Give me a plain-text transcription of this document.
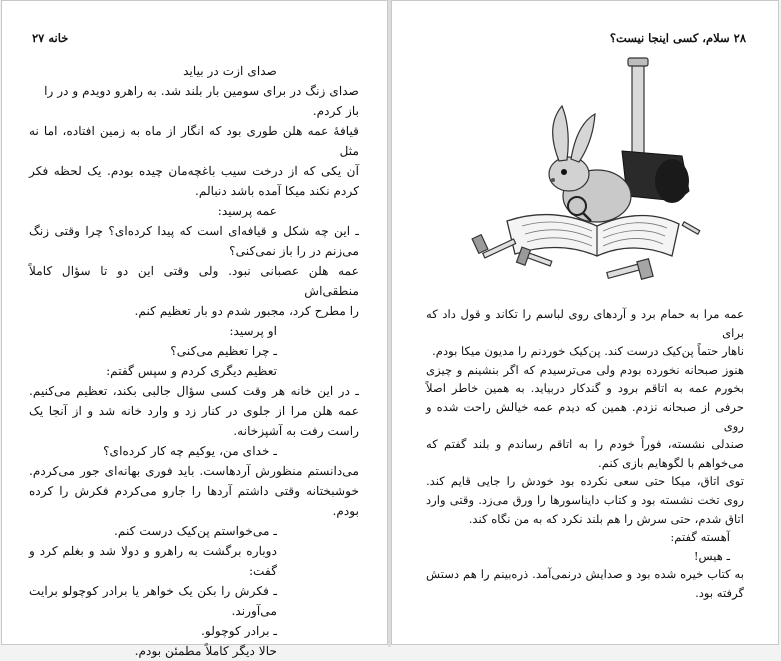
خانه ۲۷

صدای ازت در بیاید

صدای زنگ در برای سومین بار بلند شد. به راهرو دویدم و در را

باز کردم.

قیافهٔ عمه هلن طوری بود که انگار از ماه به زمین افتاده، اما نه مثل

آن یکی که از درخت سیب باغچه‌مان چیده بودم. یک لحظه فکر

کردم نکند میکا آمده باشد دنبالم.

عمه پرسید:

ـ این چه شکل و قیافه‌ای است که پیدا کرده‌ای؟ چرا وقتی زنگ

می‌زنم در را باز نمی‌کنی؟

عمه هلن عصبانی نبود. ولی وقتی این دو تا سؤال کاملاً منطقی‌اش

را مطرح کرد، مجبور شدم دو بار تعظیم کنم.

او پرسید:

ـ چرا تعظیم می‌کنی؟

تعظیم دیگری کردم و سپس گفتم:

ـ در این خانه هر وقت کسی سؤال جالبی بکند، تعظیم می‌کنیم.

عمه هلن مرا از جلوی در کنار زد و وارد خانه شد و از آنجا یک

راست رفت به آشپزخانه.

ـ خدای من، یوکیم چه کار کرده‌ای؟

می‌دانستم منظورش آردهاست. باید فوری بهانه‌ای جور می‌کردم.

خوشبختانه وقتی داشتم آردها را جارو می‌کردم فکرش را کرده بودم.

ـ می‌خواستم پن‌کیک درست کنم.

دوباره برگشت به راهرو و دولا شد و بغلم کرد و گفت:

ـ فکرش را بکن یک خواهر یا برادر کوچولو برایت می‌آورند.

ـ برادر کوچولو.

حالا دیگر کاملاً مطمئن بودم.

۲۸ سلام، کسی اینجا نیست؟

عمه مرا به حمام برد و آردهای روی لباسم را تکاند و قول داد که برای

ناهار حتماً پن‌کیک درست کند. پن‌کیک خوردنم را مدیون میکا بودم.

هنوز صبحانه نخورده بودم ولی می‌ترسیدم که اگر بنشینم و چیزی

بخورم عمه به اتاقم برود و گندکار دربیاید. به همین خاطر اصلاً

حرفی از صبحانه نزدم. همین که دیدم عمه خیالش راحت شده و روی

صندلی نشسته، فوراً خودم را به اتاقم رساندم و بلند گفتم که

می‌خواهم با لگوهایم بازی کنم.

توی اتاق، میکا حتی سعی نکرده بود خودش را جایی قایم کند.

روی تخت نشسته بود و کتاب دایناسورها را ورق می‌زد. وقتی وارد

اتاق شدم، حتی سرش را هم بلند نکرد که به من نگاه کند.

آهسته گفتم:

ـ هیس!

به کتاب خیره شده بود و صدایش درنمی‌آمد. ذره‌بینم را هم دستش

گرفته بود.
